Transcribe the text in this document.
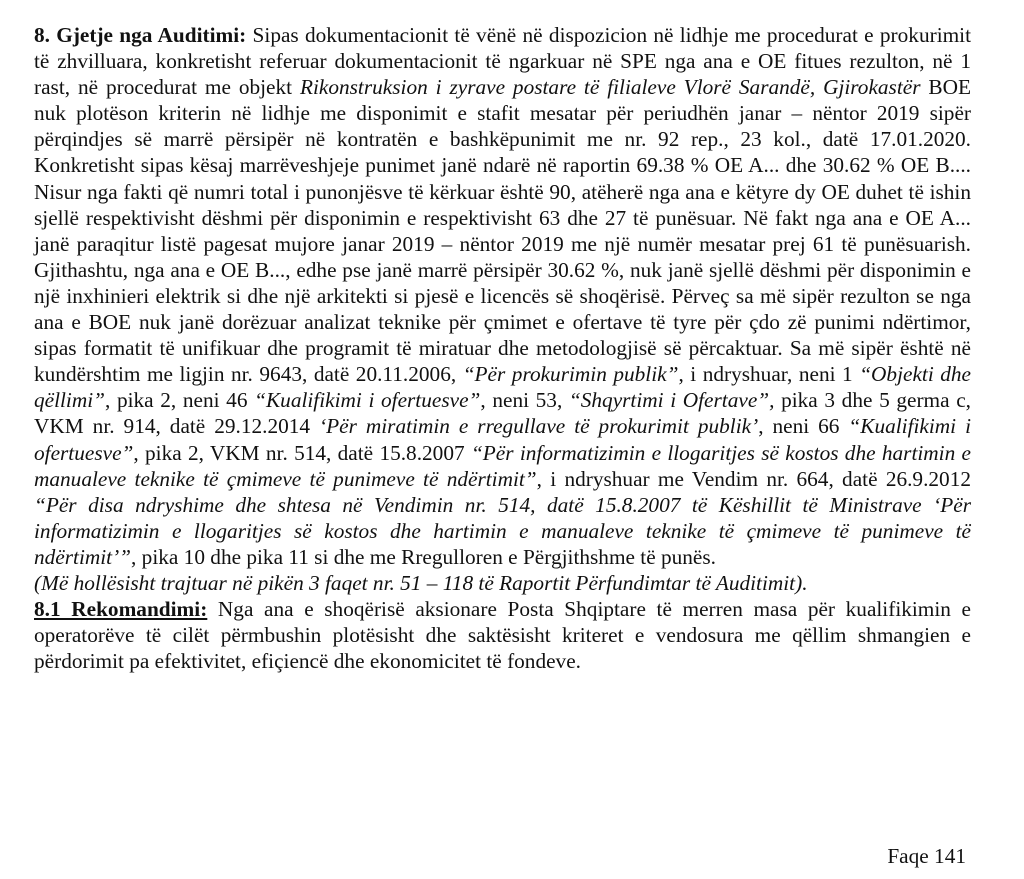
8. Gjetje nga Auditimi: Sipas dokumentacionit të vënë në dispozicion në lidhje me procedurat e prokurimit të zhvilluara, konkretisht referuar dokumentacionit të ngarkuar në SPE nga ana e OE fitues rezulton, në 1 rast, në procedurat me objekt Rikonstruksion i zyrave postare të filialeve Vlorë Sarandë, Gjirokastër BOE nuk plotëson kriterin në lidhje me disponimit e stafit mesatar për periudhën janar – nëntor 2019 sipër përqindjes së marrë përsipër në kontratën e bashkëpunimit me nr. 92 rep., 23 kol., datë 17.01.2020. Konkretisht sipas kësaj marrëveshjeje punimet janë ndarë në raportin 69.38 % OE A... dhe 30.62 % OE B.... Nisur nga fakti që numri total i punonjësve të kërkuar është 90, atëherë nga ana e këtyre dy OE duhet të ishin sjellë respektivisht dëshmi për disponimin e respektivisht 63 dhe 27 të punësuar. Në fakt nga ana e OE A... janë paraqitur listë pagesat mujore janar 2019 – nëntor 2019 me një numër mesatar prej 61 të punësuarish. Gjithashtu, nga ana e OE B..., edhe pse janë marrë përsipër 30.62 %, nuk janë sjellë dëshmi për disponimin e një inxhinieri elektrik si dhe një arkitekti si pjesë e licencës së shoqërisë. Përveç sa më sipër rezulton se nga ana e BOE nuk janë dorëzuar analizat teknike për çmimet e ofertave të tyre për çdo zë punimi ndërtimor, sipas formatit të unifikuar dhe programit të miratuar dhe metodologjisë së përcaktuar. Sa më sipër është në kundërshtim me ligjin nr. 9643, datë 20.11.2006, “Për prokurimin publik”, i ndryshuar, neni 1 “Objekti dhe qëllimi”, pika 2, neni 46 “Kualifikimi i ofertuesve”, neni 53, “Shqyrtimi i Ofertave”, pika 3 dhe 5 germa c, VKM nr. 914, datë 29.12.2014 ‘Për miratimin e rregullave të prokurimit publik’, neni 66 “Kualifikimi i ofertuesve”, pika 2, VKM nr. 514, datë 15.8.2007 “Për informatizimin e llogaritjes së kostos dhe hartimin e manualeve teknike të çmimeve të punimeve të ndërtimit”, i ndryshuar me Vendim nr. 664, datë 26.9.2012 “Për disa ndryshime dhe shtesa në Vendimin nr. 514, datë 15.8.2007 të Këshillit të Ministrave ‘Për informatizimin e llogaritjes së kostos dhe hartimin e manualeve teknike të çmimeve të punimeve të ndërtimit’”, pika 10 dhe pika 11 si dhe me Rregulloren e Përgjithshme të punës.

(Më hollësisht trajtuar në pikën 3 faqet nr. 51 – 118 të Raportit Përfundimtar të Auditimit).

8.1 Rekomandimi: Nga ana e shoqërisë aksionare Posta Shqiptare të merren masa për kualifikimin e operatorëve të cilët përmbushin plotësisht dhe saktësisht kriteret e vendosura me qëllim shmangien e përdorimit pa efektivitet, efiçiencë dhe ekonomicitet të fondeve.

Faqe 141
